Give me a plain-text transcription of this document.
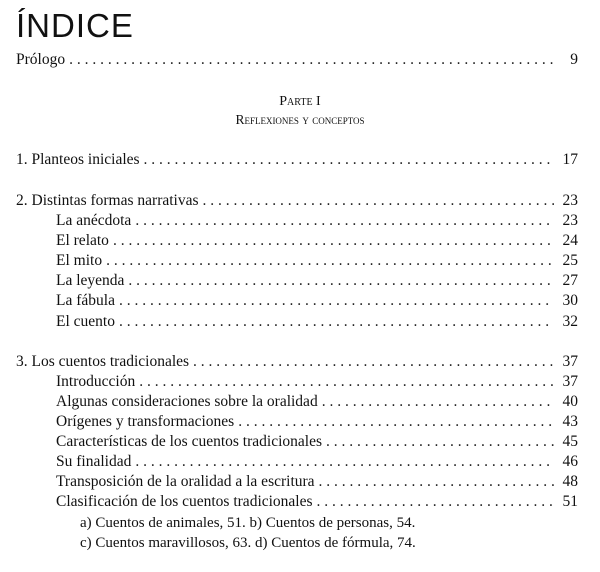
ÍNDICE
Prólogo . . .	9
Parte I
Reflexiones y conceptos
1. Planteos iniciales . . .	17
2. Distintas formas narrativas . . .	23
La anécdota . . .	23
El relato . . .	24
El mito . . .	25
La leyenda . . .	27
La fábula . . .	30
El cuento . . .	32
3. Los cuentos tradicionales . . .	37
Introducción . . .	37
Algunas consideraciones sobre la oralidad . . .	40
Orígenes y transformaciones . . .	43
Características de los cuentos tradicionales . . .	45
Su finalidad . . .	46
Transposición de la oralidad a la escritura . . .	48
Clasificación de los cuentos tradicionales . . .	51
a) Cuentos de animales, 51. b) Cuentos de personas, 54.
c) Cuentos maravillosos, 63. d) Cuentos de fórmula, 74.
